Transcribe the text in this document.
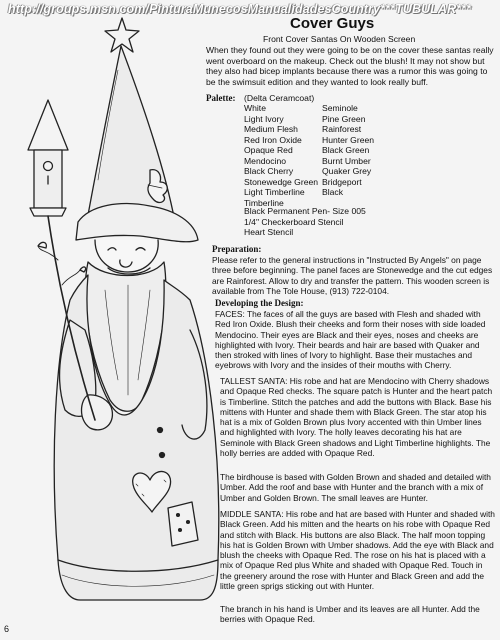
http://groups.msn.com/PinturaMunecosManualidadesCountry***TUBULAR***
Cover Guys
Front Cover Santas On Wooden Screen
When they found out they were going to be on the cover these santas really went overboard on the makeup. Check out the blush! It may not show but they also had bicep implants because there was a rumor this was going to be the swimsuit edition and they wanted to look really buff.
Palette: (Delta Ceramcoat)
White
Light Ivory
Medium Flesh
Red Iron Oxide
Opaque Red
Mendocino
Black Cherry
Stonewedge Green
Light Timberline
Timberline
Seminole
Pine Green
Rainforest
Hunter Green
Black Green
Burnt Umber
Quaker Grey
Bridgeport
Black
Black Permanent Pen- Size 005
1/4" Checkerboard Stencil
Heart Stencil
Preparation:
Please refer to the general instructions in "Instructed By Angels" on page three before beginning. The panel faces are Stonewedge and the cut edges are Rainforest. Allow to dry and transfer the pattern. This wooden screen is available from The Tole House, (913) 722-0104.
Developing the Design:
FACES: The faces of all the guys are based with Flesh and shaded with Red Iron Oxide. Blush their cheeks and form their noses with side loaded Mendocino. Their eyes are Black and their eyes, noses and cheeks are highlighted with Ivory. Their beards and hair are based with Quaker and then stroked with lines of Ivory to highlight. Base their mustaches and eyebrows with Ivory and the insides of their mouths with Cherry.
TALLEST SANTA: His robe and hat are Mendocino with Cherry shadows and Opaque Red checks. The square patch is Hunter and the heart patch is Timberline. Stitch the patches and add the buttons with Black. Base his mittens with Hunter and shade them with Black Green. The star atop his hat is a mix of Golden Brown plus Ivory accented with thin Umber lines and highlighted with Ivory. The holly leaves decorating his hat are Seminole with Black Green shadows and Light Timberline highlights. The holly berries are added with Opaque Red.
The birdhouse is based with Golden Brown and shaded and detailed with Umber. Add the roof and base with Hunter and the branch with a mix of Umber and Golden Brown. The small leaves are Hunter.
MIDDLE SANTA: His robe and hat are based with Hunter and shaded with Black Green. Add his mitten and the hearts on his robe with Opaque Red and stitch with Black. His buttons are also Black. The half moon topping his hat is Golden Brown with Umber shadows. Add the eye with Black and blush the cheeks with Opaque Red. The rose on his hat is placed with a mix of Opaque Red plus White and shaded with Opaque Red. Touch in the greenery around the rose with Hunter and Black Green and add the little green sprigs sticking out with Hunter.
The branch in his hand is Umber and its leaves are all Hunter. Add the berries with Opaque Red.
6
